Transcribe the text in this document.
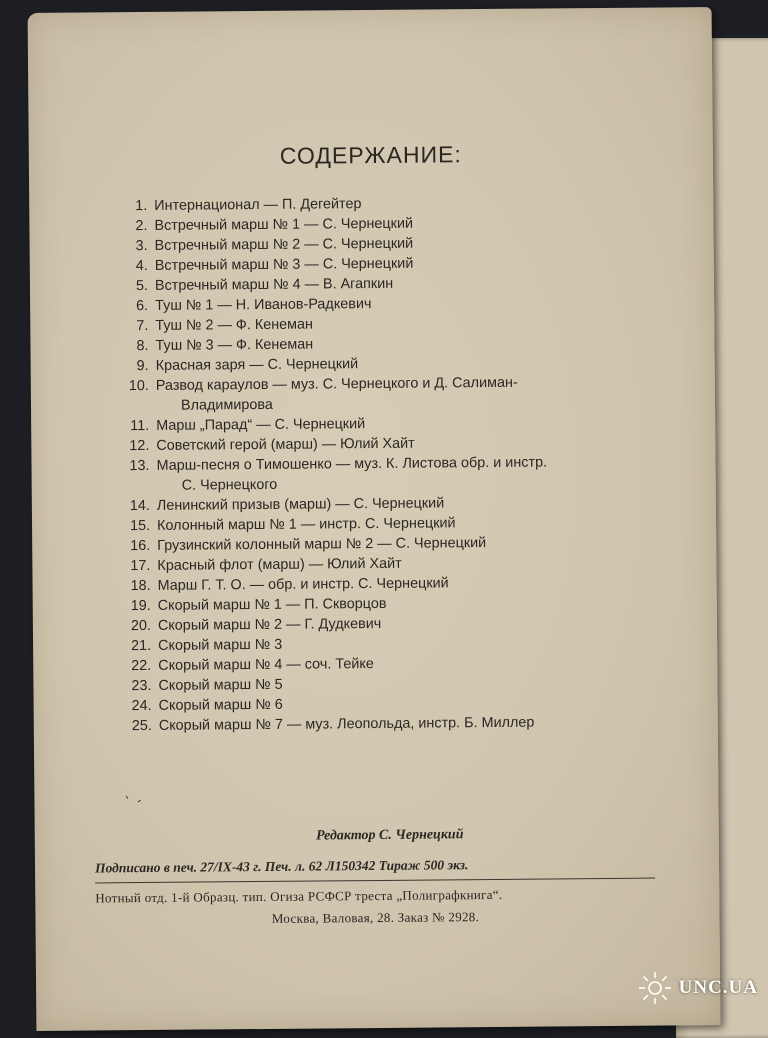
СОДЕРЖАНИЕ:
1. Интернационал — П. Дегейтер
2. Встречный марш № 1 — С. Чернецкий
3. Встречный марш № 2 — С. Чернецкий
4. Встречный марш № 3 — С. Чернецкий
5. Встречный марш № 4 — В. Агапкин
6. Туш № 1 — Н. Иванов-Радкевич
7. Туш № 2 — Ф. Кенеман
8. Туш № 3 — Ф. Кенеман
9. Красная заря — С. Чернецкий
10. Развод караулов — муз. С. Чернецкого и Д. Салиман-
Владимирова
11. Марш „Парад“ — С. Чернецкий
12. Советский герой (марш) — Юлий Хайт
13. Марш-песня о Тимошенко — муз. К. Листова обр. и инстр.
С. Чернецкого
14. Ленинский призыв (марш) — С. Чернецкий
15. Колонный марш № 1 — инстр. С. Чернецкий
16. Грузинский колонный марш № 2 — С. Чернецкий
17. Красный флот (марш) — Юлий Хайт
18. Марш Г. Т. О. — обр. и инстр. С. Чернецкий
19. Скорый марш № 1 — П. Скворцов
20. Скорый марш № 2 — Г. Дудкевич
21. Скорый марш № 3
22. Скорый марш № 4 — соч. Тейке
23. Скорый марш № 5
24. Скорый марш № 6
25. Скорый марш № 7 — муз. Леопольда, инстр. Б. Миллер
ˎ ˏ
Редактор С. Чернецкий
Подписано в печ. 27/IX-43 г. Печ. л. 62 Л150342 Тираж 500 экз.
Нотный отд. 1-й Образц. тип. Огиза РСФСР треста „Полиграфкнига“.
Москва, Валовая, 28. Заказ № 2928.
UNC.UA
